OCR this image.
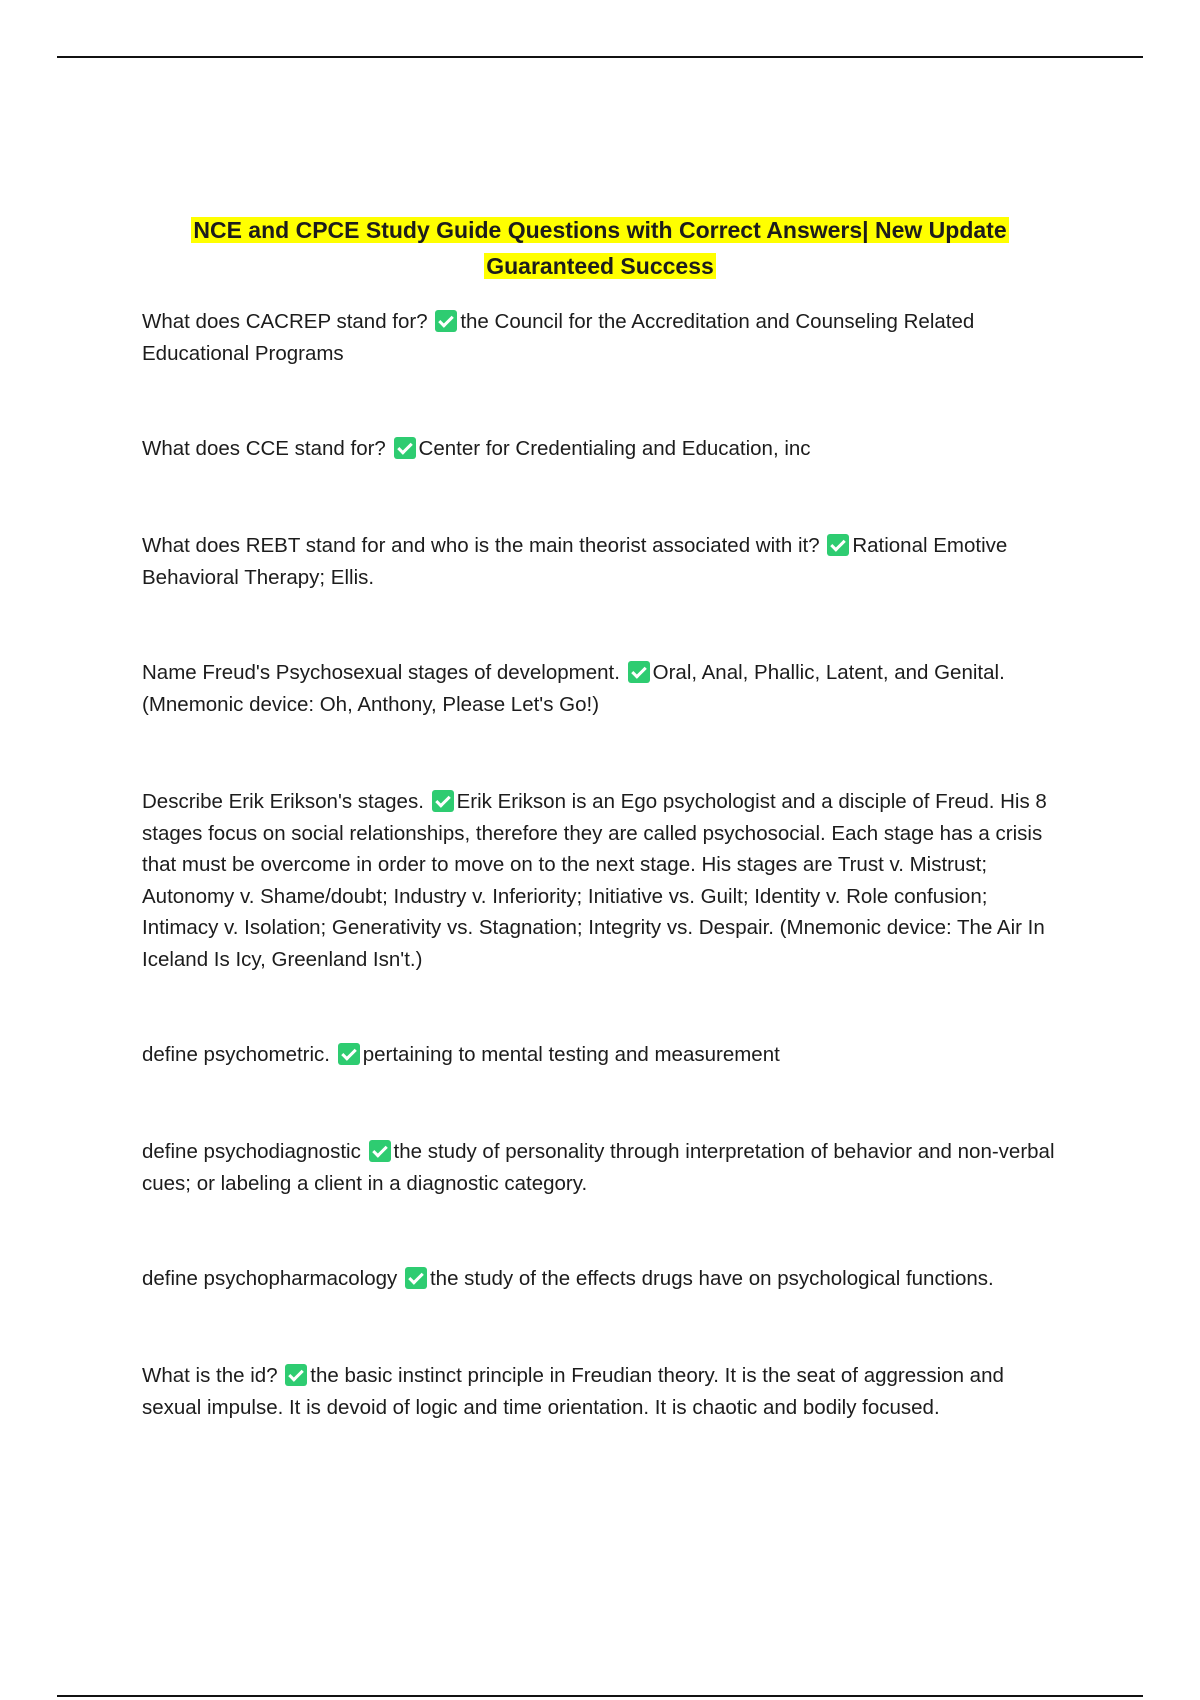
NCE and CPCE Study Guide Questions with Correct Answers| New Update
Guaranteed Success
What does CACREP stand for? the Council for the Accreditation and Counseling Related Educational Programs
What does CCE stand for? Center for Credentialing and Education, inc
What does REBT stand for and who is the main theorist associated with it? Rational Emotive Behavioral Therapy; Ellis.
Name Freud's Psychosexual stages of development. Oral, Anal, Phallic, Latent, and Genital. (Mnemonic device: Oh, Anthony, Please Let's Go!)
Describe Erik Erikson's stages. Erik Erikson is an Ego psychologist and a disciple of Freud. His 8 stages focus on social relationships, therefore they are called psychosocial. Each stage has a crisis that must be overcome in order to move on to the next stage. His stages are Trust v. Mistrust; Autonomy v. Shame/doubt; Industry v. Inferiority; Initiative vs. Guilt; Identity v. Role confusion; Intimacy v. Isolation; Generativity vs. Stagnation; Integrity vs. Despair. (Mnemonic device: The Air In Iceland Is Icy, Greenland Isn't.)
define psychometric. pertaining to mental testing and measurement
define psychodiagnostic the study of personality through interpretation of behavior and non-verbal cues; or labeling a client in a diagnostic category.
define psychopharmacology the study of the effects drugs have on psychological functions.
What is the id? the basic instinct principle in Freudian theory. It is the seat of aggression and sexual impulse. It is devoid of logic and time orientation. It is chaotic and bodily focused.
